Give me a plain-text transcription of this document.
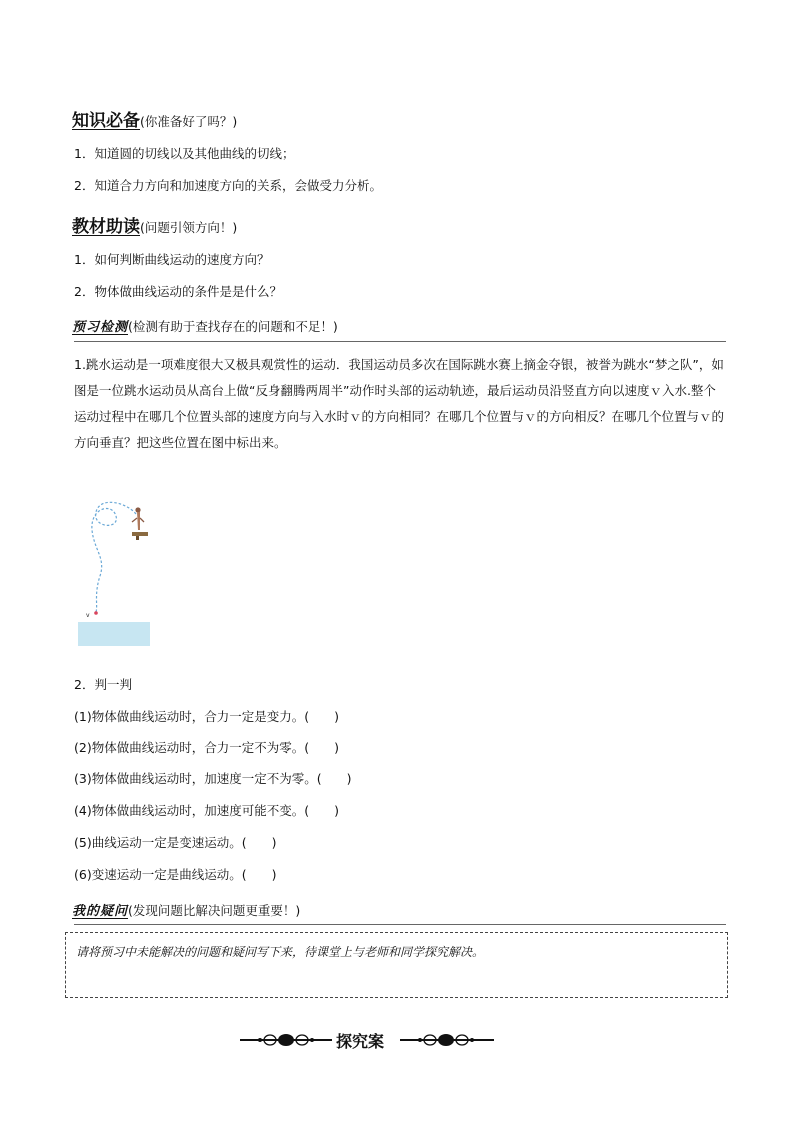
知识必备(你准备好了吗？)
1．知道圆的切线以及其他曲线的切线；
2．知道合力方向和加速度方向的关系，会做受力分析。
教材助读(问题引领方向！)
1．如何判断曲线运动的速度方向？
2．物体做曲线运动的条件是是什么？
预习检测(检测有助于查找存在的问题和不足！)
1.跳水运动是一项难度很大又极具观赏性的运动．我国运动员多次在国际跳水赛上摘金夺银，被誉为跳水“梦之队”，如图是一位跳水运动员从高台上做“反身翻腾两周半”动作时头部的运动轨迹，最后运动员沿竖直方向以速度ｖ入水.整个运动过程中在哪几个位置头部的速度方向与入水时ｖ的方向相同？在哪几个位置与ｖ的方向相反？在哪几个位置与ｖ的方向垂直？把这些位置在图中标出来。
v
2．判一判
(1)物体做曲线运动时，合力一定是变力。(　　)
(2)物体做曲线运动时，合力一定不为零。(　　)
(3)物体做曲线运动时，加速度一定不为零。(　　)
(4)物体做曲线运动时，加速度可能不变。(　　)
(5)曲线运动一定是变速运动。(　　)
(6)变速运动一定是曲线运动。(　　)
我的疑问(发现问题比解决问题更重要！)
请将预习中未能解决的问题和疑问写下来，待课堂上与老师和同学探究解决。
探究案
